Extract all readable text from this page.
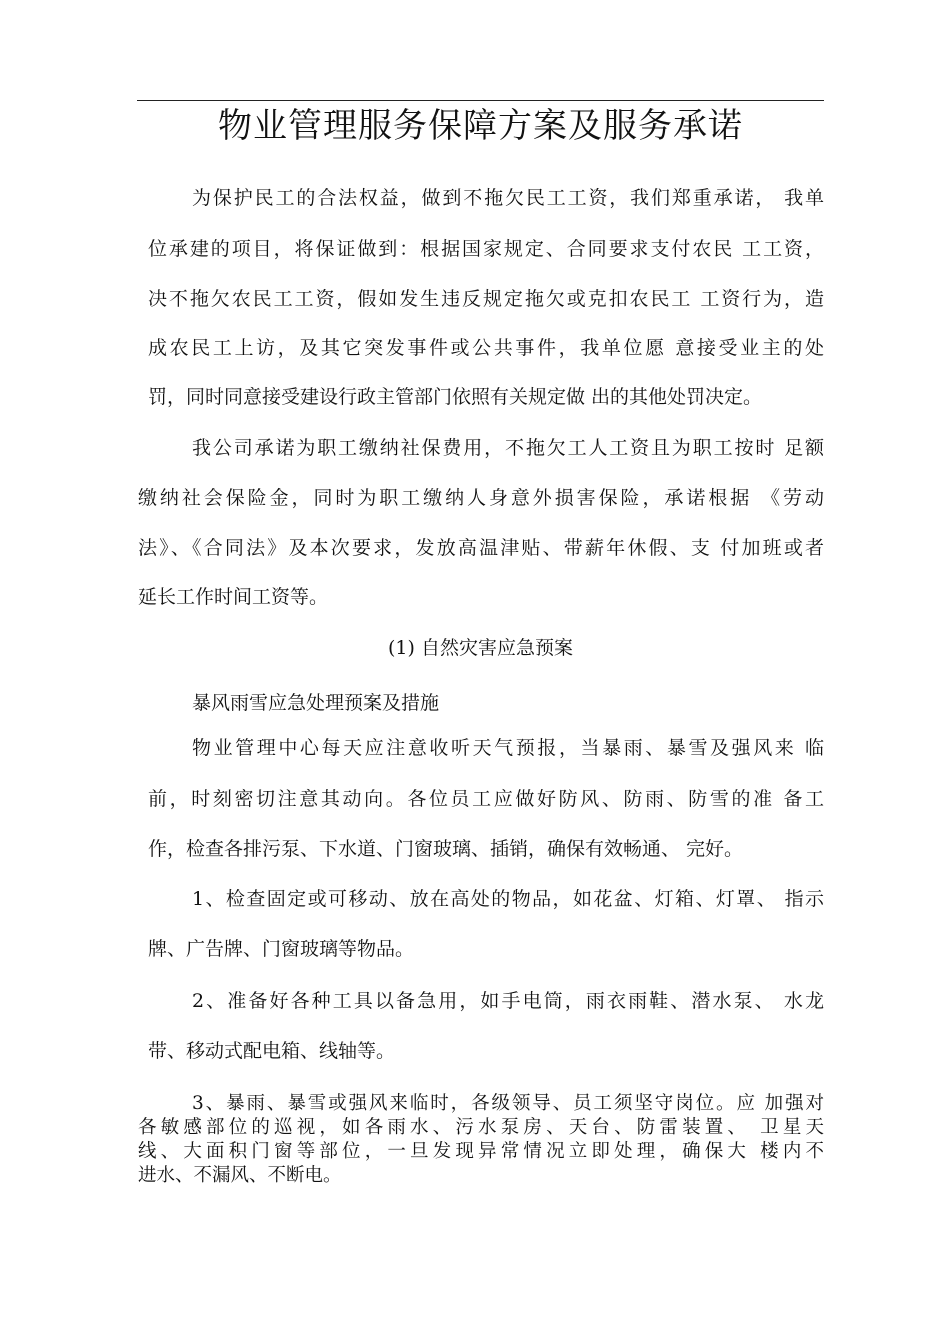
物业管理服务保障方案及服务承诺
为保护民工的合法权益，做到不拖欠民工工资，我们郑重承诺， 我单
位承建的项目，将保证做到：根据国家规定、合同要求支付农民 工工资，
决不拖欠农民工工资，假如发生违反规定拖欠或克扣农民工 工资行为，造
成农民工上访，及其它突发事件或公共事件，我单位愿 意接受业主的处
罚，同时同意接受建设行政主管部门依照有关规定做 出的其他处罚决定。
我公司承诺为职工缴纳社保费用，不拖欠工人工资且为职工按时 足额
缴纳社会保险金，同时为职工缴纳人身意外损害保险，承诺根据 《劳动
法》、《合同法》及本次要求，发放高温津贴、带薪年休假、支 付加班或者
延长工作时间工资等。
(1) 自然灾害应急预案
暴风雨雪应急处理预案及措施
物业管理中心每天应注意收听天气预报，当暴雨、暴雪及强风来 临
前，时刻密切注意其动向。各位员工应做好防风、防雨、防雪的准 备工
作，检查各排污泵、下水道、门窗玻璃、插销，确保有效畅通、 完好。
1、检查固定或可移动、放在高处的物品，如花盆、灯箱、灯罩、 指示
牌、广告牌、门窗玻璃等物品。
2、准备好各种工具以备急用，如手电筒，雨衣雨鞋、潜水泵、 水龙
带、移动式配电箱、线轴等。
3、暴雨、暴雪或强风来临时，各级领导、员工须坚守岗位。应 加强对
各敏感部位的巡视，如各雨水、污水泵房、天台、防雷装置、 卫星天
线、大面积门窗等部位，一旦发现异常情况立即处理，确保大 楼内不
进水、不漏风、不断电。
